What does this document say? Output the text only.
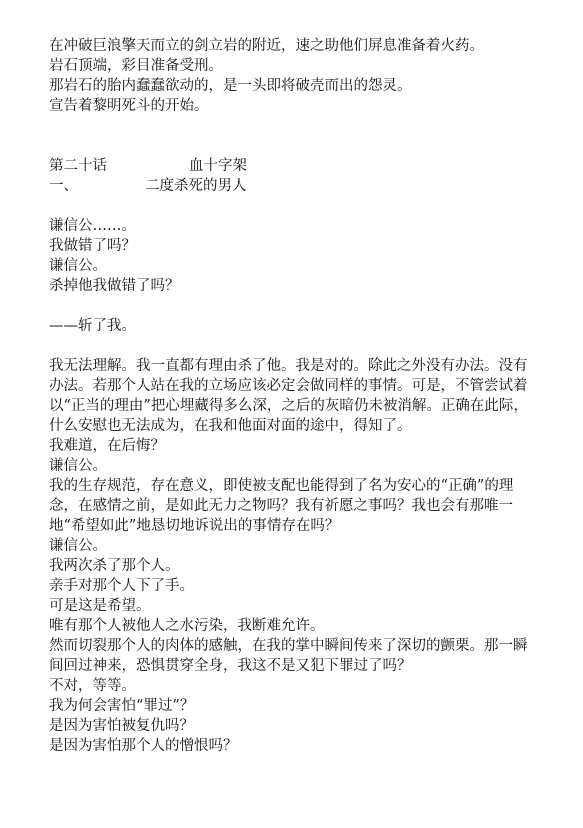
在冲破巨浪擎天而立的剑立岩的附近，速之助他们屏息准备着火药。

岩石顶端，彩目准备受刑。

那岩石的胎内蠢蠢欲动的，是一头即将破壳而出的怨灵。

宣告着黎明死斗的开始。

第二十话	血十字架
一、	二度杀死的男人

谦信公……。

我做错了吗？

谦信公。

杀掉他我做错了吗？

——斩了我。

我无法理解。我一直都有理由杀了他。我是对的。除此之外没有办法。没有办法。若那个人站在我的立场应该必定会做同样的事情。可是，不管尝试着以“正当的理由”把心埋藏得多么深，之后的灰暗仍未被消解。正确在此际，什么安慰也无法成为，在我和他面对面的途中，得知了。

我难道，在后悔？

谦信公。

我的生存规范，存在意义，即使被支配也能得到了名为安心的“正确”的理念，在感情之前，是如此无力之物吗？我有祈愿之事吗？我也会有那唯一地“希望如此”地恳切地诉说出的事情存在吗？

谦信公。

我两次杀了那个人。

亲手对那个人下了手。

可是这是希望。

唯有那个人被他人之水污染，我断难允许。

然而切裂那个人的肉体的感触，在我的掌中瞬间传来了深切的颤栗。那一瞬间回过神来，恐惧贯穿全身，我这不是又犯下罪过了吗？

不对，等等。

我为何会害怕“罪过”？

是因为害怕被复仇吗？

是因为害怕那个人的憎恨吗？
